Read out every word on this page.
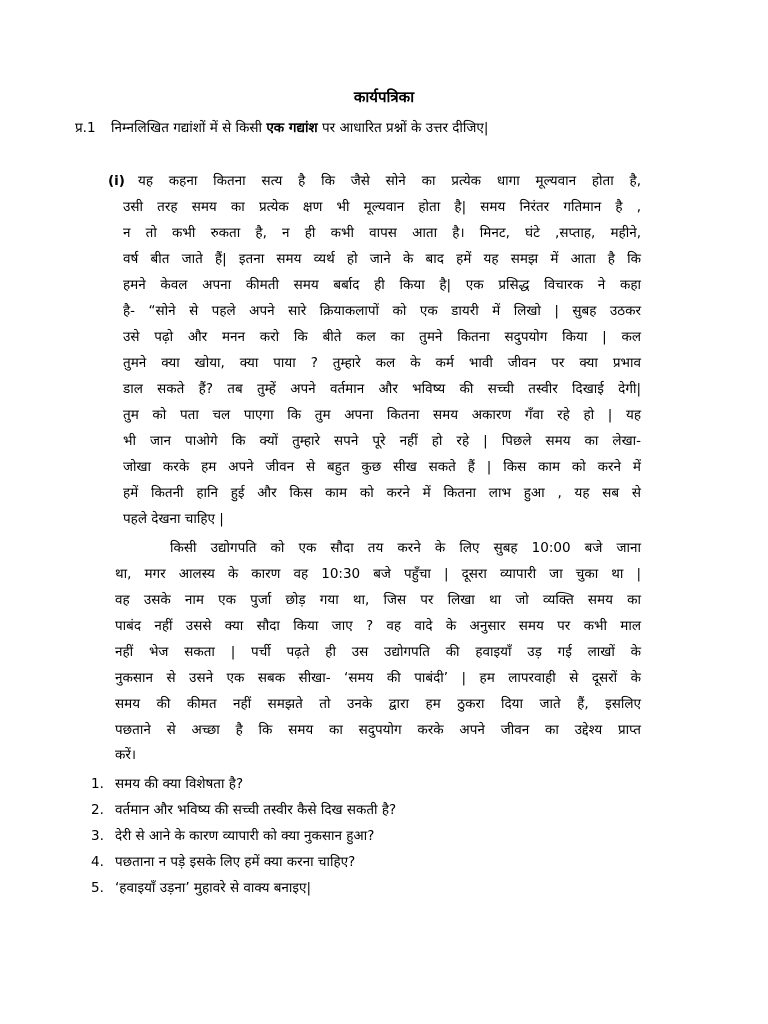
कार्यपत्रिका
प्र.1 निम्नलिखित गद्यांशों में से किसी एक गद्यांश पर आधारित प्रश्नों के उत्तर दीजिए|
(i) यह कहना कितना सत्य है कि जैसे सोने का प्रत्येक धागा मूल्यवान होता है,
उसी तरह समय का प्रत्येक क्षण भी मूल्यवान होता है| समय निरंतर गतिमान है ,
न तो कभी रुकता है, न ही कभी वापस आता है। मिनट, घंटे ,सप्ताह, महीने,
वर्ष बीत जाते हैं| इतना समय व्यर्थ हो जाने के बाद हमें यह समझ में आता है कि
हमने केवल अपना कीमती समय बर्बाद ही किया है| एक प्रसिद्ध विचारक ने कहा
है- “सोने से पहले अपने सारे क्रियाकलापों को एक डायरी में लिखो | सुबह उठकर
उसे पढ़ो और मनन करो कि बीते कल का तुमने कितना सदुपयोग किया | कल
तुमने क्या खोया, क्या पाया ? तुम्हारे कल के कर्म भावी जीवन पर क्या प्रभाव
डाल सकते हैं? तब तुम्हें अपने वर्तमान और भविष्य की सच्ची तस्वीर दिखाई देगी|
तुम को पता चल पाएगा कि तुम अपना कितना समय अकारण गँवा रहे हो | यह
भी जान पाओगे कि क्यों तुम्हारे सपने पूरे नहीं हो रहे | पिछले समय का लेखा-
जोखा करके हम अपने जीवन से बहुत कुछ सीख सकते हैं | किस काम को करने में
हमें कितनी हानि हुई और किस काम को करने में कितना लाभ हुआ , यह सब से
पहले देखना चाहिए |
किसी उद्योगपति को एक सौदा तय करने के लिए सुबह 10:00 बजे जाना
था, मगर आलस्य के कारण वह 10:30 बजे पहुँचा | दूसरा व्यापारी जा चुका था |
वह उसके नाम एक पुर्जा छोड़ गया था, जिस पर लिखा था जो व्यक्ति समय का
पाबंद नहीं उससे क्या सौदा किया जाए ? वह वादे के अनुसार समय पर कभी माल
नहीं भेज सकता | पर्ची पढ़ते ही उस उद्योगपति की हवाइयाँ उड़ गई लाखों के
नुकसान से उसने एक सबक सीखा- ‘समय की पाबंदी’ | हम लापरवाही से दूसरों के
समय की कीमत नहीं समझते तो उनके द्वारा हम ठुकरा दिया जाते हैं, इसलिए
पछताने से अच्छा है कि समय का सदुपयोग करके अपने जीवन का उद्देश्य प्राप्त
करें।
1. समय की क्या विशेषता है?
2. वर्तमान और भविष्य की सच्ची तस्वीर कैसे दिख सकती है?
3. देरी से आने के कारण व्यापारी को क्या नुकसान हुआ?
4. पछताना न पड़े इसके लिए हमें क्या करना चाहिए?
5. ‘हवाइयाँ उड़ना’ मुहावरे से वाक्य बनाइए|
